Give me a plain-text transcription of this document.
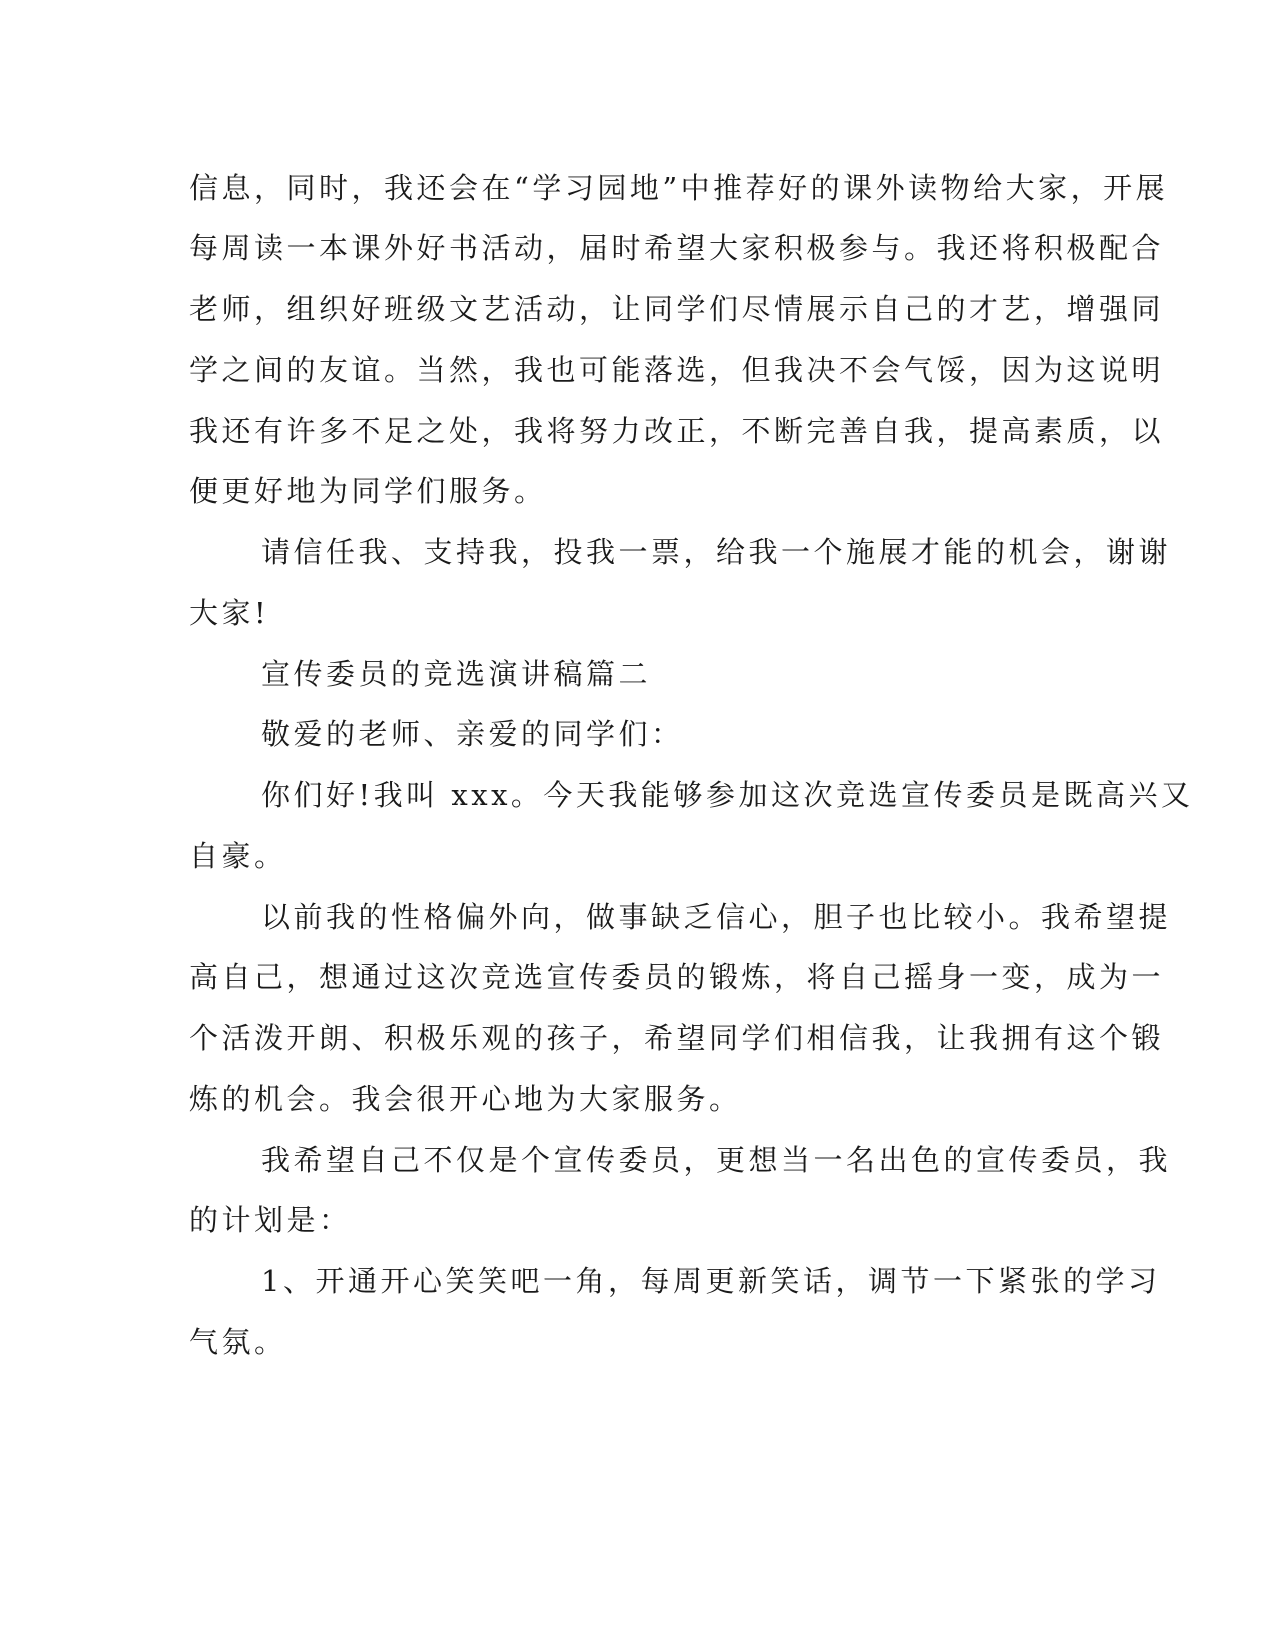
信息，同时，我还会在“学习园地”中推荐好的课外读物给大家，开展
每周读一本课外好书活动，届时希望大家积极参与。我还将积极配合
老师，组织好班级文艺活动，让同学们尽情展示自己的才艺，增强同
学之间的友谊。当然，我也可能落选，但我决不会气馁，因为这说明
我还有许多不足之处，我将努力改正，不断完善自我，提高素质，以
便更好地为同学们服务。
请信任我、支持我，投我一票，给我一个施展才能的机会，谢谢
大家!
宣传委员的竞选演讲稿篇二
敬爱的老师、亲爱的同学们：
你们好!我叫 xxx。今天我能够参加这次竞选宣传委员是既高兴又
自豪。
以前我的性格偏外向，做事缺乏信心，胆子也比较小。我希望提
高自己，想通过这次竞选宣传委员的锻炼，将自己摇身一变，成为一
个活泼开朗、积极乐观的孩子，希望同学们相信我，让我拥有这个锻
炼的机会。我会很开心地为大家服务。
我希望自己不仅是个宣传委员，更想当一名出色的宣传委员，我
的计划是：
1、开通开心笑笑吧一角，每周更新笑话，调节一下紧张的学习
气氛。
